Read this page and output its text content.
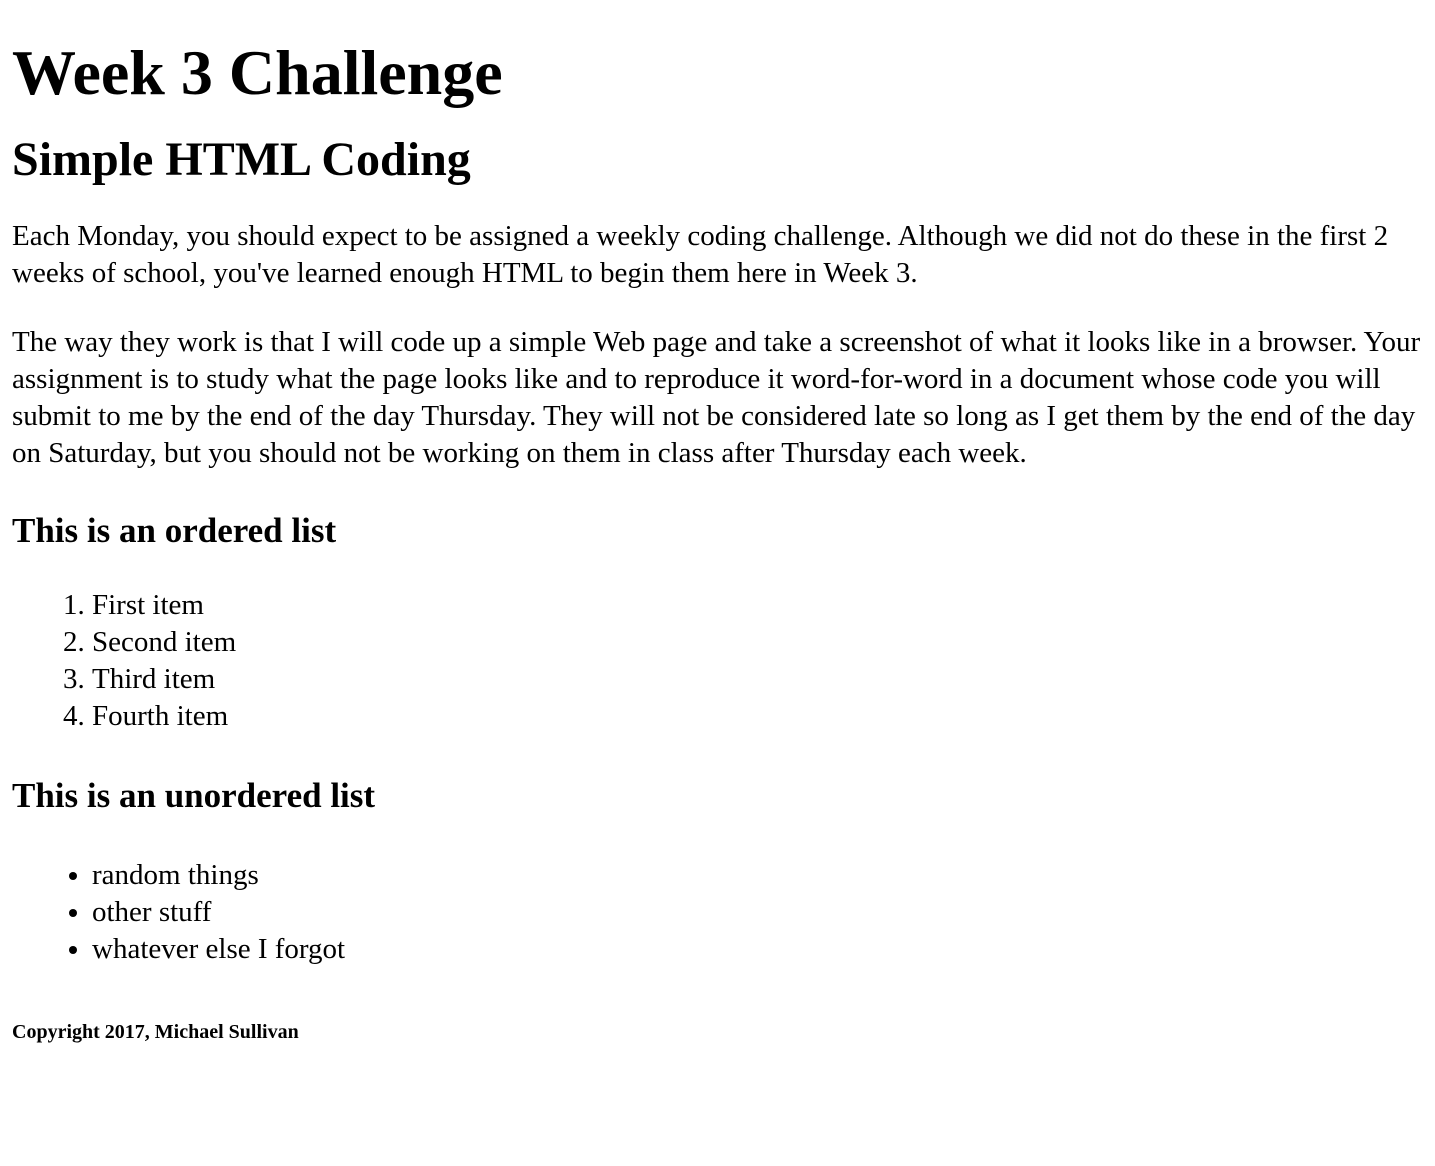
Week 3 Challenge
Simple HTML Coding

Each Monday, you should expect to be assigned a weekly coding challenge. Although we did not do these in the first 2 weeks of school, you've learned enough HTML to begin them here in Week 3.

The way they work is that I will code up a simple Web page and take a screenshot of what it looks like in a browser. Your assignment is to study what the page looks like and to reproduce it word-for-word in a document whose code you will submit to me by the end of the day Thursday. They will not be considered late so long as I get them by the end of the day on Saturday, but you should not be working on them in class after Thursday each week.

This is an ordered list
1. First item
2. Second item
3. Third item
4. Fourth item
This is an unordered list
• random things
• other stuff
• whatever else I forgot
Copyright 2017, Michael Sullivan
